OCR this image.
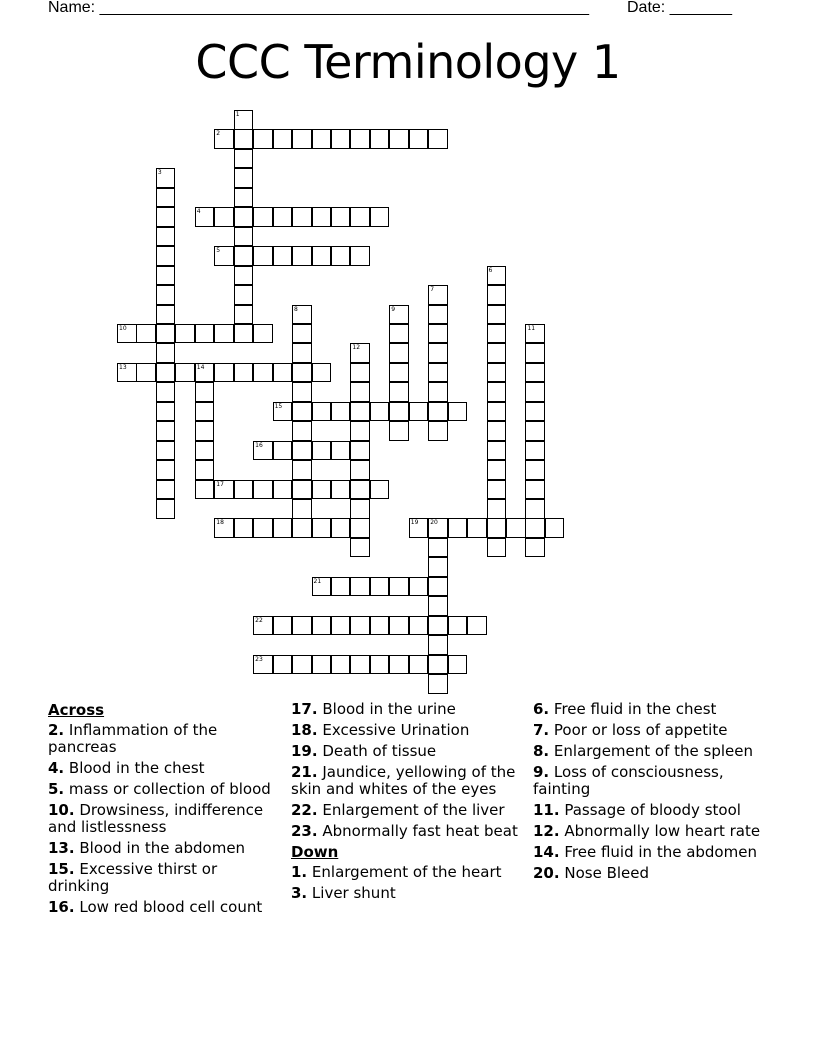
Name: _______________________________________________________ Date: _______
CCC Terminology 1
1
2
3
4
5
6
7
8	9
10	11
12
13	14
15
16
17
18	19 20
21
22
23
Across
2. Inflammation of the pancreas
4. Blood in the chest
5. mass or collection of blood
10. Drowsiness, indifference and listlessness
13. Blood in the abdomen
15. Excessive thirst or drinking
16. Low red blood cell count
17. Blood in the urine
18. Excessive Urination
19. Death of tissue
21. Jaundice, yellowing of the skin and whites of the eyes
22. Enlargement of the liver
23. Abnormally fast heat beat
Down
1. Enlargement of the heart
3. Liver shunt
6. Free fluid in the chest
7. Poor or loss of appetite
8. Enlargement of the spleen
9. Loss of consciousness, fainting
11. Passage of bloody stool
12. Abnormally low heart rate
14. Free fluid in the abdomen
20. Nose Bleed
